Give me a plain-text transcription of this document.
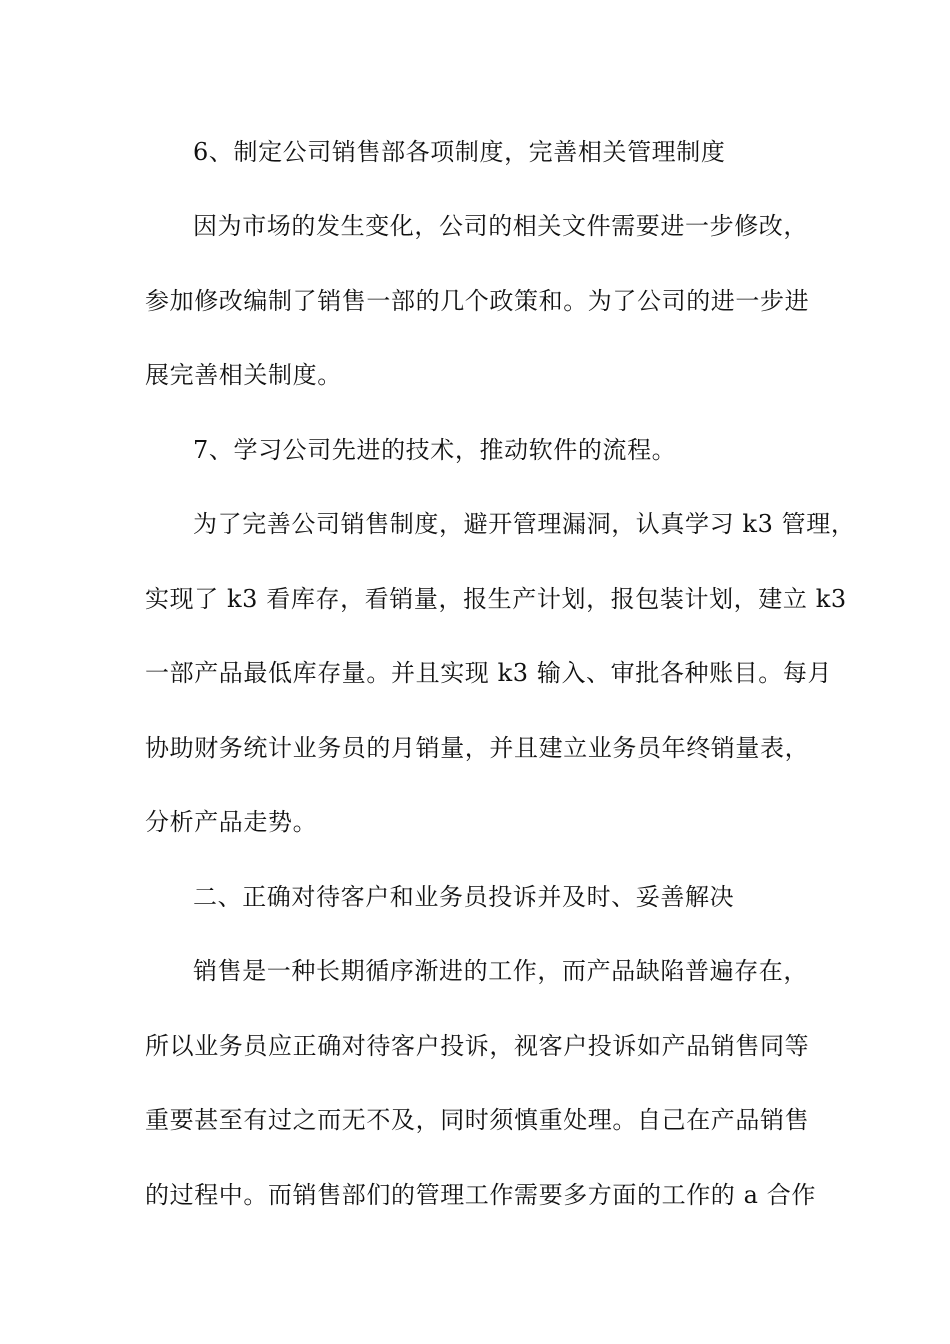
6、制定公司销售部各项制度，完善相关管理制度
因为市场的发生变化，公司的相关文件需要进一步修改，
参加修改编制了销售一部的几个政策和。为了公司的进一步进
展完善相关制度。
7、学习公司先进的技术，推动软件的流程。
为了完善公司销售制度，避开管理漏洞，认真学习 k3 管理，
实现了 k3 看库存，看销量，报生产计划，报包装计划，建立 k3
一部产品最低库存量。并且实现 k3 输入、审批各种账目。每月
协助财务统计业务员的月销量，并且建立业务员年终销量表，
分析产品走势。
二、正确对待客户和业务员投诉并及时、妥善解决
销售是一种长期循序渐进的工作，而产品缺陷普遍存在，
所以业务员应正确对待客户投诉，视客户投诉如产品销售同等
重要甚至有过之而无不及，同时须慎重处理。自己在产品销售
的过程中。而销售部们的管理工作需要多方面的工作的 a 合作
